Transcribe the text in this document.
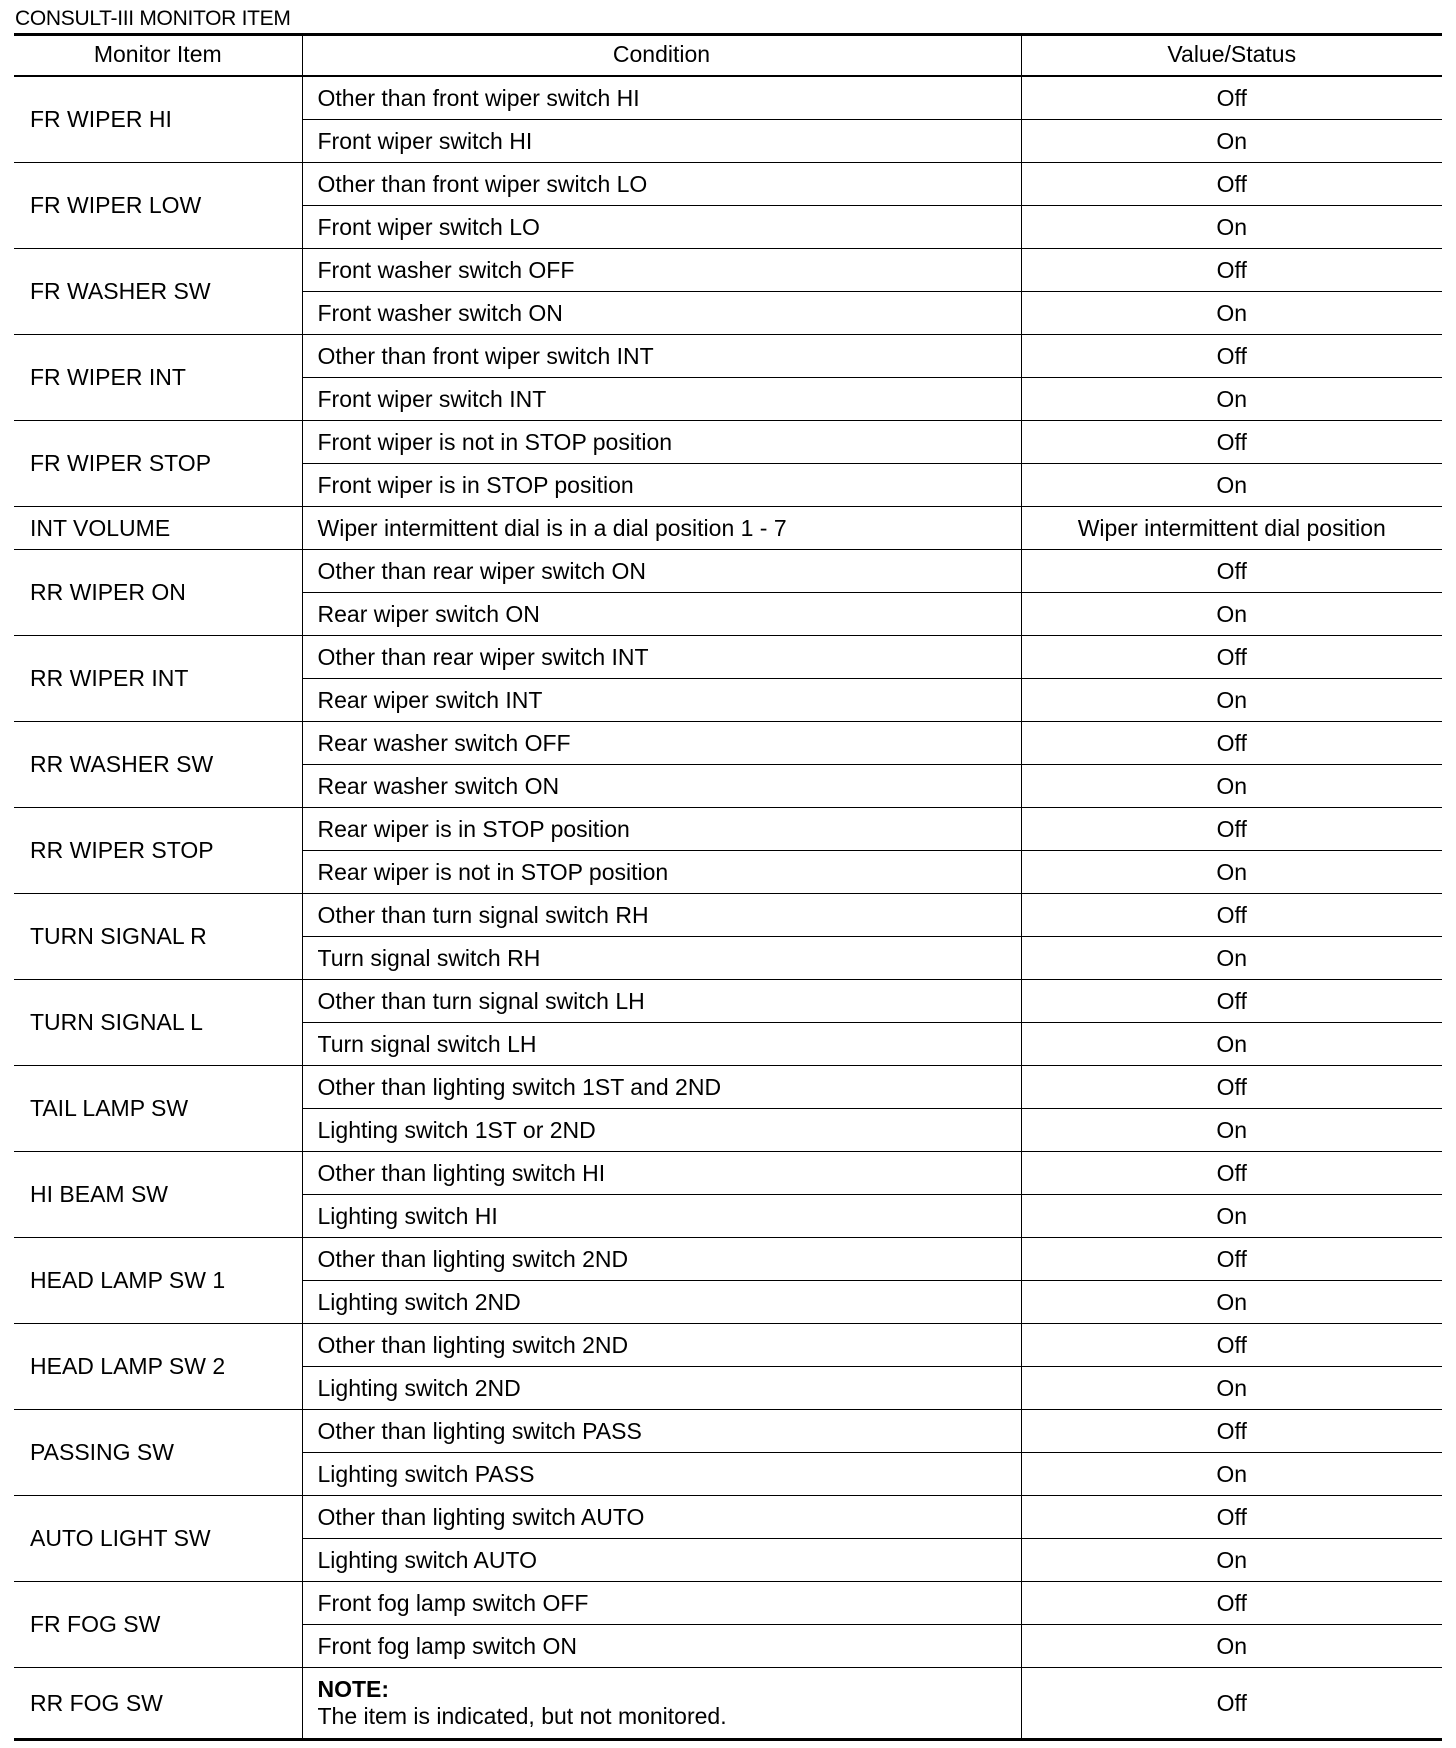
CONSULT-III MONITOR ITEM
Monitor Item	Condition	Value/Status
FR WIPER HI	Other than front wiper switch HI	Off
	Front wiper switch HI	On
FR WIPER LOW	Other than front wiper switch LO	Off
	Front wiper switch LO	On
FR WASHER SW	Front washer switch OFF	Off
	Front washer switch ON	On
FR WIPER INT	Other than front wiper switch INT	Off
	Front wiper switch INT	On
FR WIPER STOP	Front wiper is not in STOP position	Off
	Front wiper is in STOP position	On
INT VOLUME	Wiper intermittent dial is in a dial position 1 - 7	Wiper intermittent dial position
RR WIPER ON	Other than rear wiper switch ON	Off
	Rear wiper switch ON	On
RR WIPER INT	Other than rear wiper switch INT	Off
	Rear wiper switch INT	On
RR WASHER SW	Rear washer switch OFF	Off
	Rear washer switch ON	On
RR WIPER STOP	Rear wiper is in STOP position	Off
	Rear wiper is not in STOP position	On
TURN SIGNAL R	Other than turn signal switch RH	Off
	Turn signal switch RH	On
TURN SIGNAL L	Other than turn signal switch LH	Off
	Turn signal switch LH	On
TAIL LAMP SW	Other than lighting switch 1ST and 2ND	Off
	Lighting switch 1ST or 2ND	On
HI BEAM SW	Other than lighting switch HI	Off
	Lighting switch HI	On
HEAD LAMP SW 1	Other than lighting switch 2ND	Off
	Lighting switch 2ND	On
HEAD LAMP SW 2	Other than lighting switch 2ND	Off
	Lighting switch 2ND	On
PASSING SW	Other than lighting switch PASS	Off
	Lighting switch PASS	On
AUTO LIGHT SW	Other than lighting switch AUTO	Off
	Lighting switch AUTO	On
FR FOG SW	Front fog lamp switch OFF	Off
	Front fog lamp switch ON	On
RR FOG SW	NOTE:
The item is indicated, but not monitored.	Off
